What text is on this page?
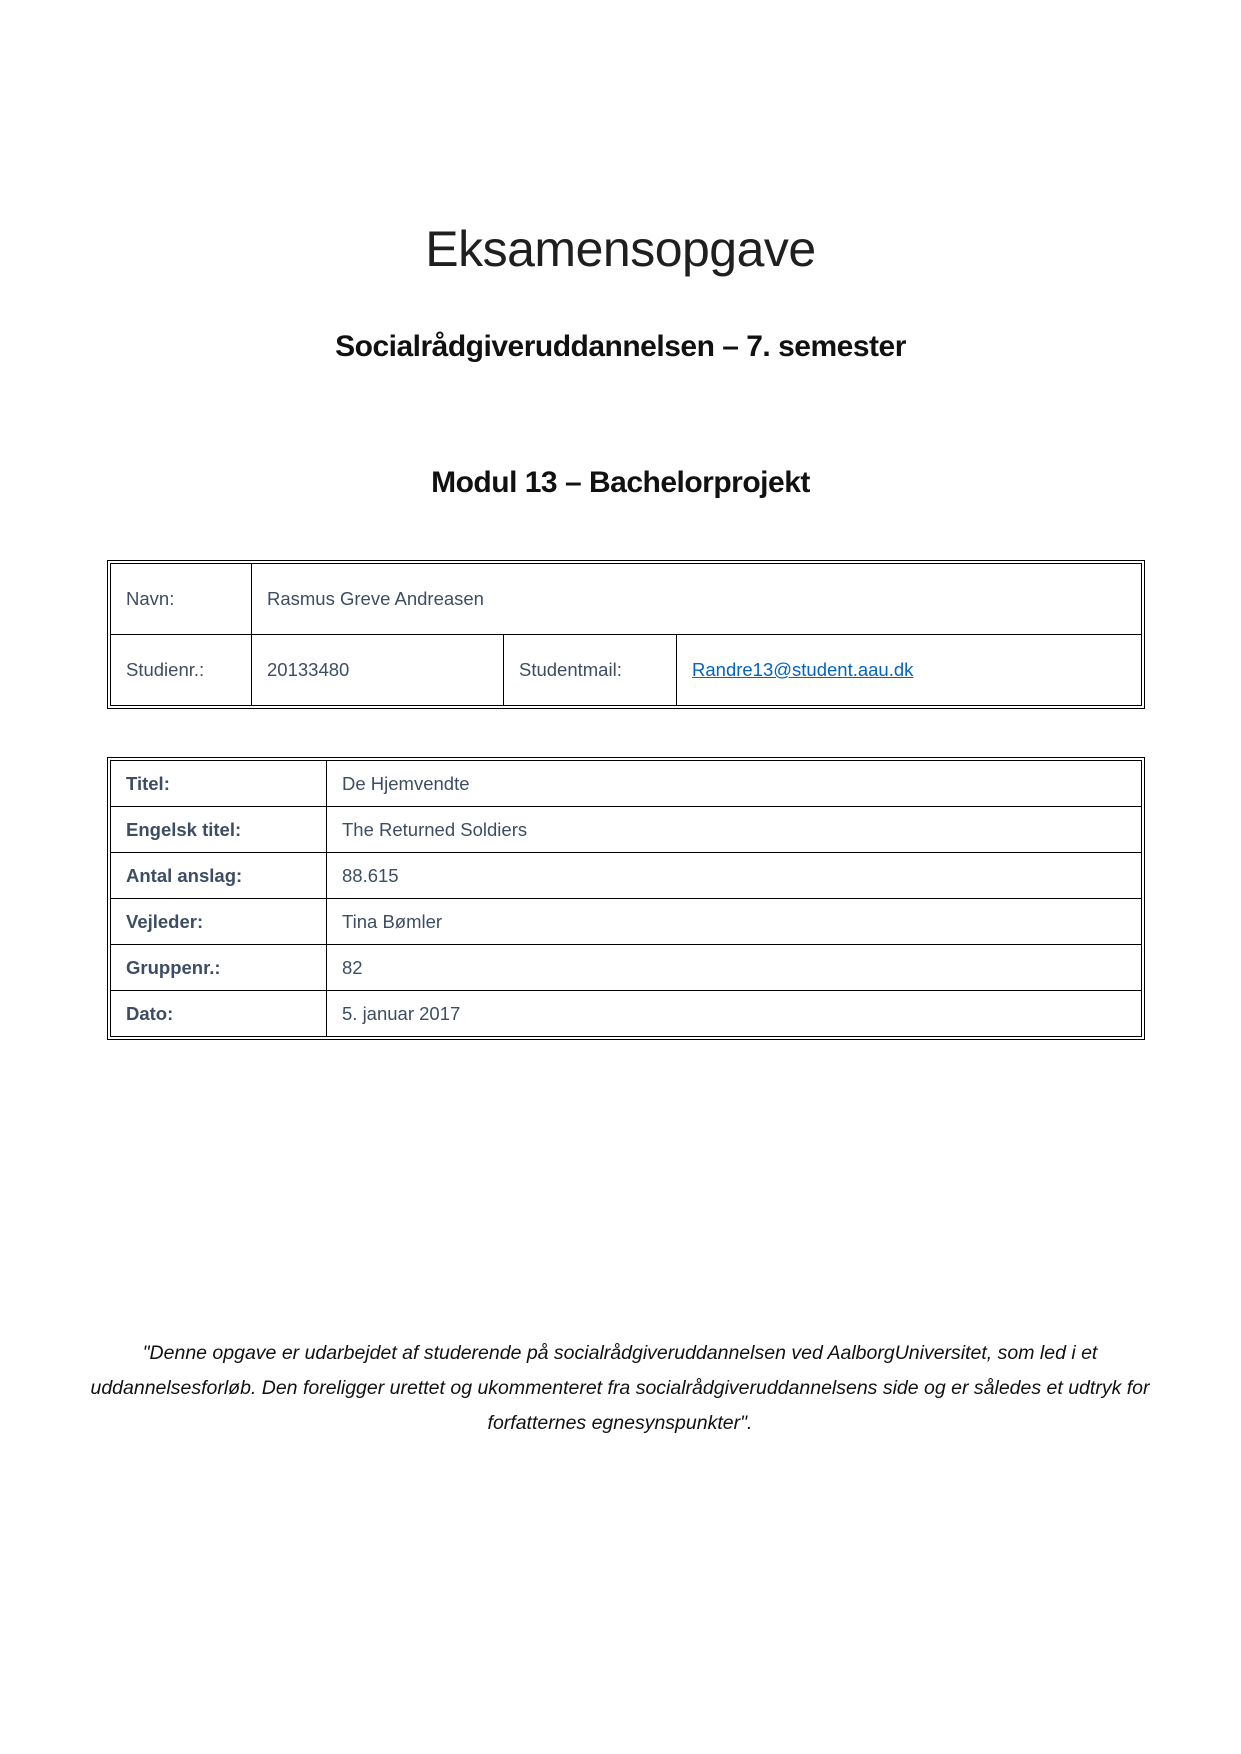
Eksamensopgave
Socialrådgiveruddannelsen – 7. semester
Modul 13 – Bachelorprojekt
Navn:	Rasmus Greve Andreasen		
Studienr.:	20133480	Studentmail:	Randre13@student.aau.dk
Titel:	De Hjemvendte
Engelsk titel:	The Returned Soldiers
Antal anslag:	88.615
Vejleder:	Tina Bømler
Gruppenr.:	82
Dato:	5. januar 2017

"Denne opgave er udarbejdet af studerende på socialrådgiveruddannelsen ved AalborgUniversitet, som led i et uddannelsesforløb. Den foreligger urettet og ukommenteret fra socialrådgiveruddannelsens side og er således et udtryk for forfatternes egnesynspunkter".
